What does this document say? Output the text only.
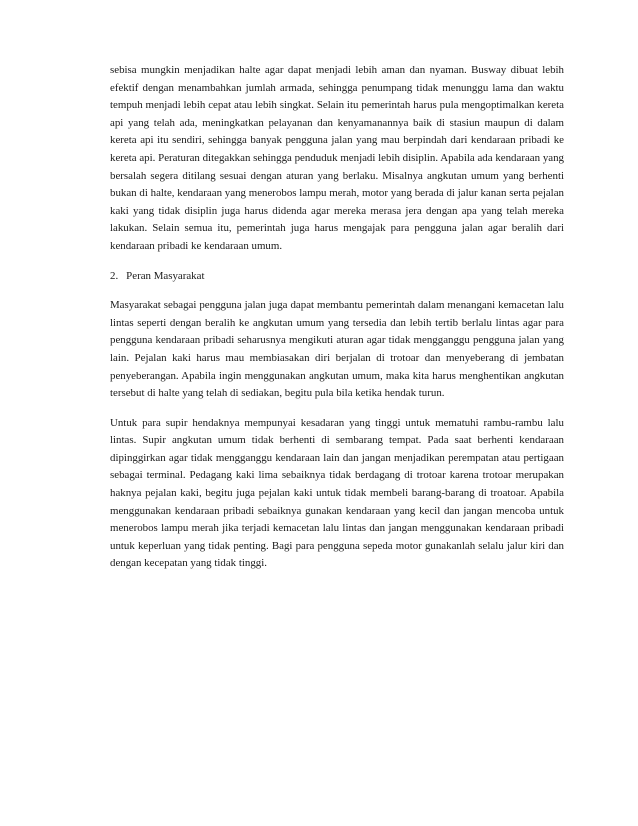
sebisa mungkin menjadikan halte agar dapat menjadi lebih aman dan nyaman. Busway dibuat lebih efektif dengan menambahkan jumlah armada, sehingga penumpang tidak menunggu lama dan waktu tempuh menjadi lebih cepat atau lebih singkat. Selain itu pemerintah harus pula mengoptimalkan kereta api yang telah ada, meningkatkan pelayanan dan kenyamanannya baik di stasiun maupun di dalam kereta api itu sendiri, sehingga banyak pengguna jalan yang mau berpindah dari kendaraan pribadi ke kereta api. Peraturan ditegakkan sehingga penduduk menjadi lebih disiplin. Apabila ada kendaraan yang bersalah segera ditilang sesuai dengan aturan yang berlaku. Misalnya angkutan umum yang berhenti bukan di halte, kendaraan yang menerobos lampu merah, motor yang berada di jalur kanan serta pejalan kaki yang tidak disiplin juga harus didenda agar mereka merasa jera dengan apa yang telah mereka lakukan. Selain semua itu, pemerintah juga harus mengajak para pengguna jalan agar beralih dari kendaraan pribadi ke kendaraan umum.

2. Peran Masyarakat

Masyarakat sebagai pengguna jalan juga dapat membantu pemerintah dalam menangani kemacetan lalu lintas seperti dengan beralih ke angkutan umum yang tersedia dan lebih tertib berlalu lintas agar para pengguna kendaraan pribadi seharusnya mengikuti aturan agar tidak mengganggu pengguna jalan yang lain. Pejalan kaki harus mau membiasakan diri berjalan di trotoar dan menyeberang di jembatan penyeberangan. Apabila ingin menggunakan angkutan umum, maka kita harus menghentikan angkutan tersebut di halte yang telah di sediakan, begitu pula bila ketika hendak turun.

Untuk para supir hendaknya mempunyai kesadaran yang tinggi untuk mematuhi rambu-rambu lalu lintas. Supir angkutan umum tidak berhenti di sembarang tempat. Pada saat berhenti kendaraan dipinggirkan agar tidak mengganggu kendaraan lain dan jangan menjadikan perempatan atau pertigaan sebagai terminal. Pedagang kaki lima sebaiknya tidak berdagang di trotoar karena trotoar merupakan haknya pejalan kaki, begitu juga pejalan kaki untuk tidak membeli barang-barang di troatoar. Apabila menggunakan kendaraan pribadi sebaiknya gunakan kendaraan yang kecil dan jangan mencoba untuk menerobos lampu merah jika terjadi kemacetan lalu lintas dan jangan menggunakan kendaraan pribadi untuk keperluan yang tidak penting. Bagi para pengguna sepeda motor gunakanlah selalu jalur kiri dan dengan kecepatan yang tidak tinggi.
